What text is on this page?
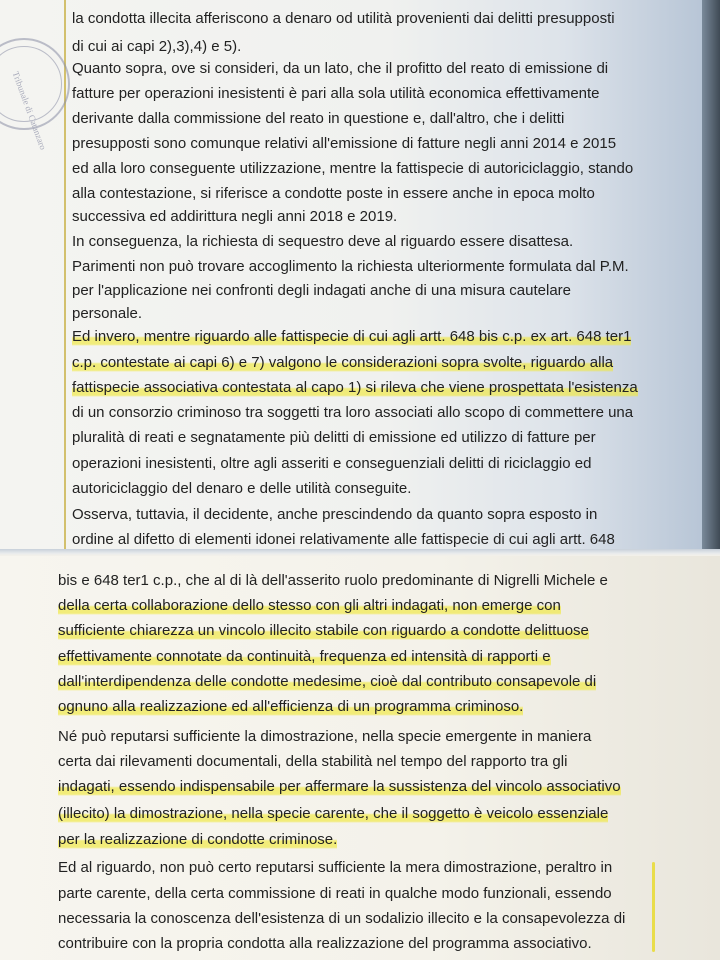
Tribunale di Catanzaro

la condotta illecita afferiscono a denaro od utilità provenienti dai delitti presupposti

di cui ai capi 2),3),4) e 5).

Quanto sopra, ove si consideri, da un lato, che il profitto del reato di emissione di

fatture per operazioni inesistenti è pari alla sola utilità economica effettivamente

derivante dalla commissione del reato in questione e, dall'altro, che i delitti

presupposti sono comunque relativi all'emissione di fatture negli anni 2014 e 2015

ed alla loro conseguente utilizzazione, mentre la fattispecie di autoriciclaggio, stando

alla contestazione, si riferisce a condotte poste in essere anche in epoca molto

successiva ed addirittura negli anni 2018 e 2019.

In conseguenza, la richiesta di sequestro deve al riguardo essere disattesa.

Parimenti non può trovare accoglimento la richiesta ulteriormente formulata dal P.M.

per l'applicazione nei confronti degli indagati anche di una misura cautelare

personale.

Ed invero, mentre riguardo alle fattispecie di cui agli artt. 648 bis c.p. ex art. 648 ter1

c.p. contestate ai capi 6) e 7) valgono le considerazioni sopra svolte, riguardo alla

fattispecie associativa contestata al capo 1) si rileva che viene prospettata l'esistenza

di un consorzio criminoso tra soggetti tra loro associati allo scopo di commettere una

pluralità di reati e segnatamente più delitti di emissione ed utilizzo di fatture per

operazioni inesistenti, oltre agli asseriti e conseguenziali delitti di riciclaggio ed

autoriciclaggio del denaro e delle utilità conseguite.

Osserva, tuttavia, il decidente, anche prescindendo da quanto sopra esposto in

ordine al difetto di elementi idonei relativamente alle fattispecie di cui agli artt. 648

bis e 648 ter1 c.p., che al di là dell'asserito ruolo predominante di Nigrelli Michele e

della certa collaborazione dello stesso con gli altri indagati, non emerge con

sufficiente chiarezza un vincolo illecito stabile con riguardo a condotte delittuose

effettivamente connotate da continuità, frequenza ed intensità di rapporti e

dall'interdipendenza delle condotte medesime, cioè dal contributo consapevole di

ognuno alla realizzazione ed all'efficienza di un programma criminoso.

Né può reputarsi sufficiente la dimostrazione, nella specie emergente in maniera

certa dai rilevamenti documentali, della stabilità nel tempo del rapporto tra gli

indagati, essendo indispensabile per affermare la sussistenza del vincolo associativo

(illecito) la dimostrazione, nella specie carente, che il soggetto è veicolo essenziale

per la realizzazione di condotte criminose.

Ed al riguardo, non può certo reputarsi sufficiente la mera dimostrazione, peraltro in

parte carente, della certa commissione di reati in qualche modo funzionali, essendo

necessaria la conoscenza dell'esistenza di un sodalizio illecito e la consapevolezza di

contribuire con la propria condotta alla realizzazione del programma associativo.
